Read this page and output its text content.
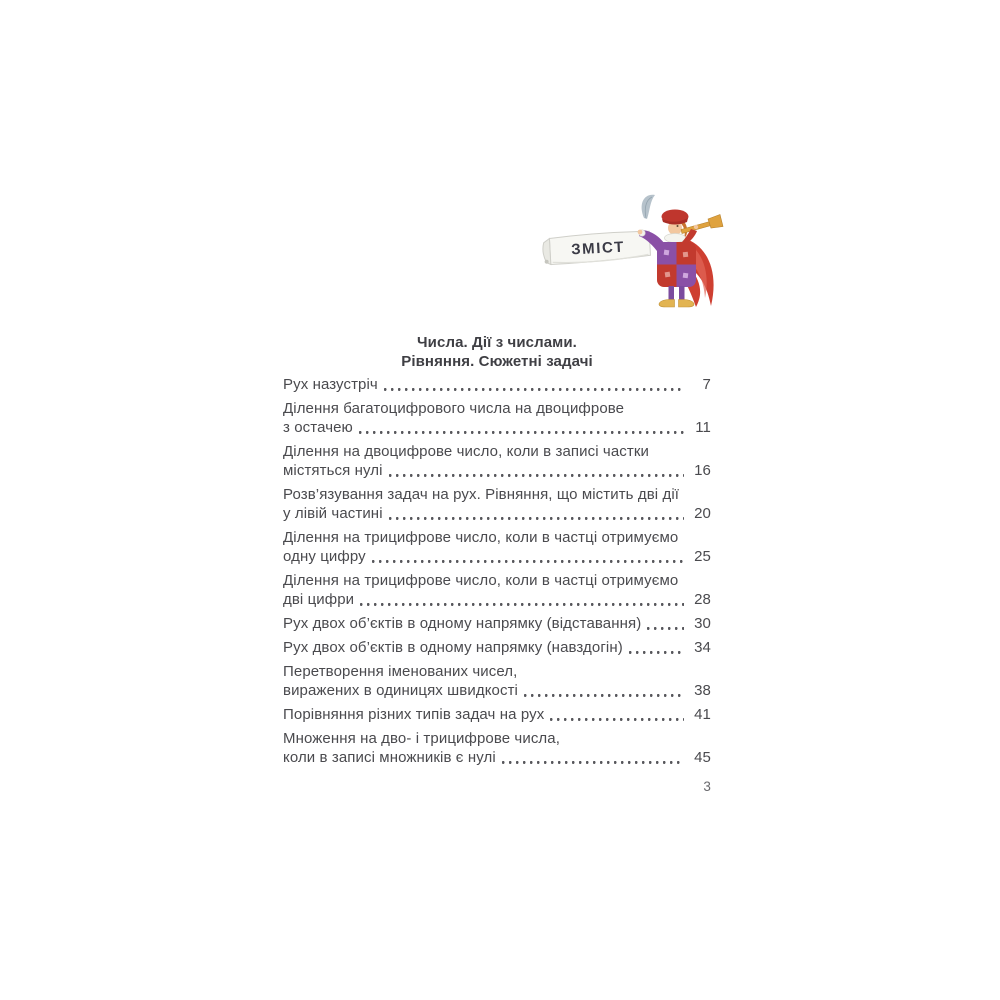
ЗМІСТ
Числа. Дії з числами.
Рівняння. Сюжетні задачі
Рух назустріч	7
Ділення багатоцифрового числа на двоцифрове
з остачею	11
Ділення на двоцифрове число, коли в записі частки
містяться нулі	16
Розв’язування задач на рух. Рівняння, що містить дві дії
у лівій частині	20
Ділення на трицифрове число, коли в частці отримуємо
одну цифру	25
Ділення на трицифрове число, коли в частці отримуємо
дві цифри	28
Рух двох об’єктів в одному напрямку (відставання)	30
Рух двох об’єктів в одному напрямку (навздогін)	34
Перетворення іменованих чисел,
виражених в одиницях швидкості	38
Порівняння різних типів задач на рух	41
Множення на дво- і трицифрове числа,
коли в записі множників є нулі	45
3
